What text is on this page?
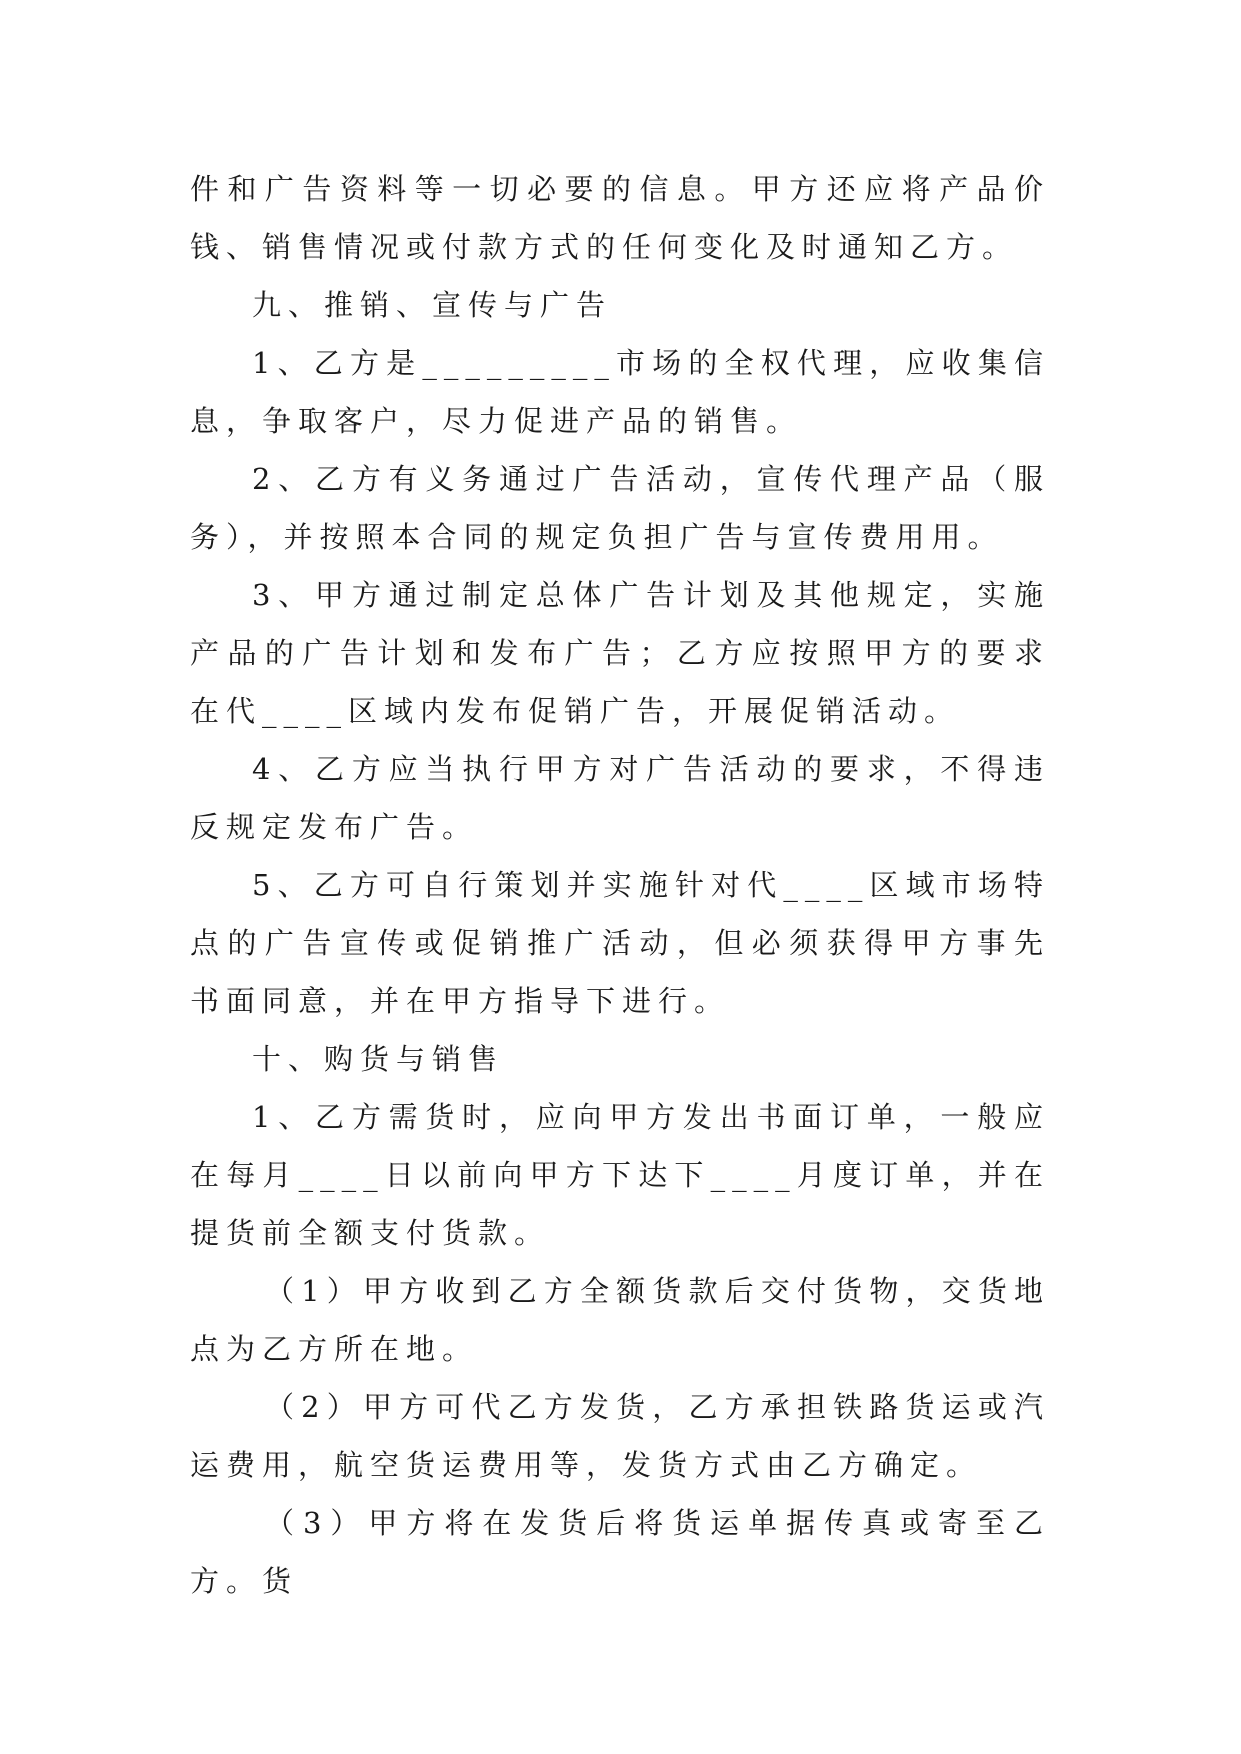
件和广告资料等一切必要的信息。甲方还应将产品价钱、销售情况或付款方式的任何变化及时通知乙方。

九、推销、宣传与广告

1、乙方是_________市场的全权代理，应收集信息，争取客户，尽力促进产品的销售。

2、乙方有义务通过广告活动，宣传代理产品（服务），并按照本合同的规定负担广告与宣传费用用。

3、甲方通过制定总体广告计划及其他规定，实施产品的广告计划和发布广告；乙方应按照甲方的要求在代____区域内发布促销广告，开展促销活动。

4、乙方应当执行甲方对广告活动的要求，不得违反规定发布广告。

5、乙方可自行策划并实施针对代____区域市场特点的广告宣传或促销推广活动，但必须获得甲方事先书面同意，并在甲方指导下进行。

十、购货与销售

1、乙方需货时，应向甲方发出书面订单，一般应在每月____日以前向甲方下达下____月度订单，并在提货前全额支付货款。

（1）甲方收到乙方全额货款后交付货物，交货地点为乙方所在地。

（2）甲方可代乙方发货，乙方承担铁路货运或汽运费用，航空货运费用等，发货方式由乙方确定。

（3）甲方将在发货后将货运单据传真或寄至乙方。货
